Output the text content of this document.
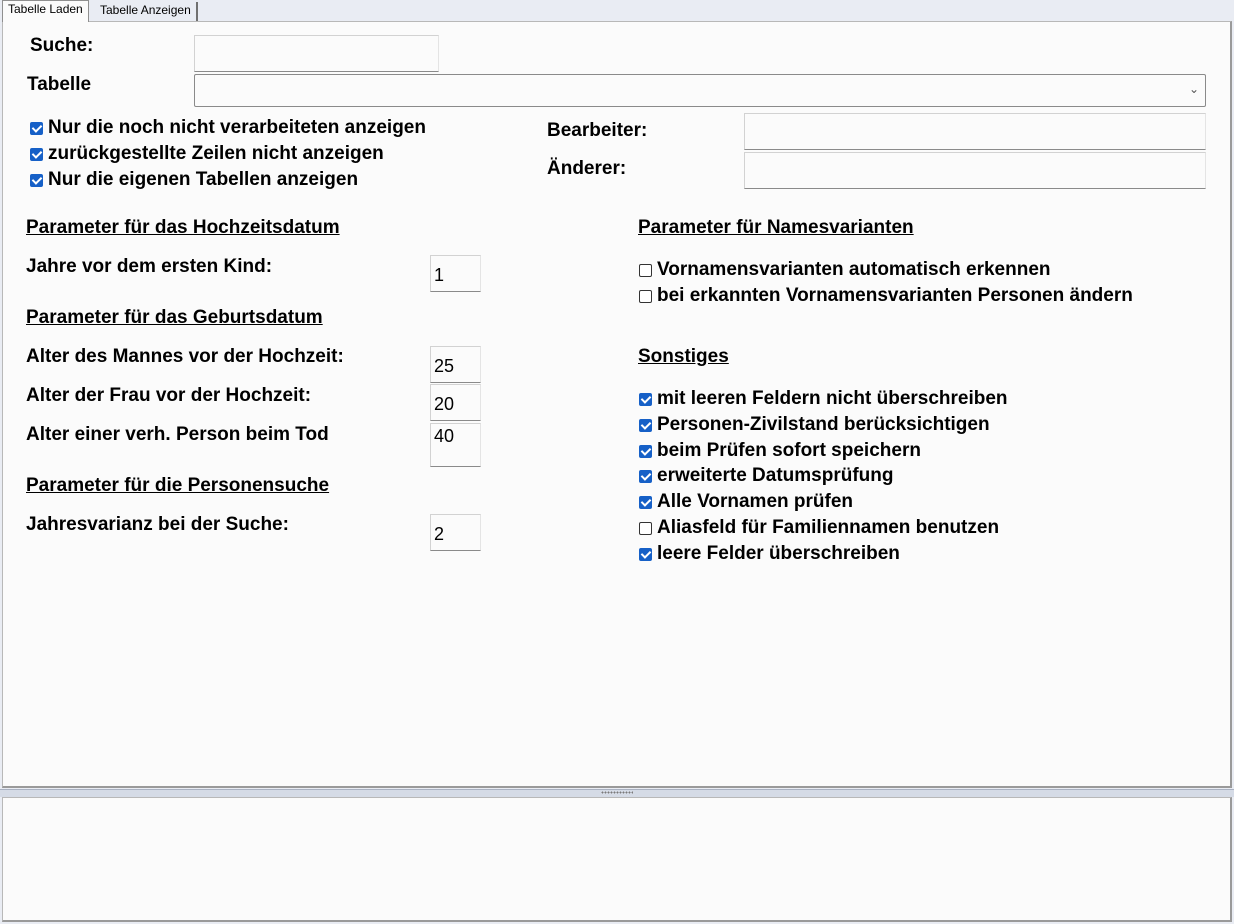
Tabelle Laden	Tabelle Anzeigen
Suche:
Tabelle	⌄
Nur die noch nicht verarbeiteten anzeigen
zurückgestellte Zeilen nicht anzeigen
Nur die eigenen Tabellen anzeigen
Bearbeiter:
Änderer:
Parameter für das Hochzeitsdatum
Jahre vor dem ersten Kind:
1
Parameter für das Geburtsdatum
Alter des Mannes vor der Hochzeit:
25
Alter der Frau vor der Hochzeit:
20
Alter einer verh. Person beim Tod
40
Parameter für die Personensuche
Jahresvarianz bei der Suche:
2
Parameter für Namesvarianten
Vornamensvarianten automatisch erkennen
bei erkannten Vornamensvarianten Personen ändern
Sonstiges
mit leeren Feldern nicht überschreiben
Personen-Zivilstand berücksichtigen
beim Prüfen sofort speichern
erweiterte Datumsprüfung
Alle Vornamen prüfen
Aliasfeld für Familiennamen benutzen
leere Felder überschreiben
